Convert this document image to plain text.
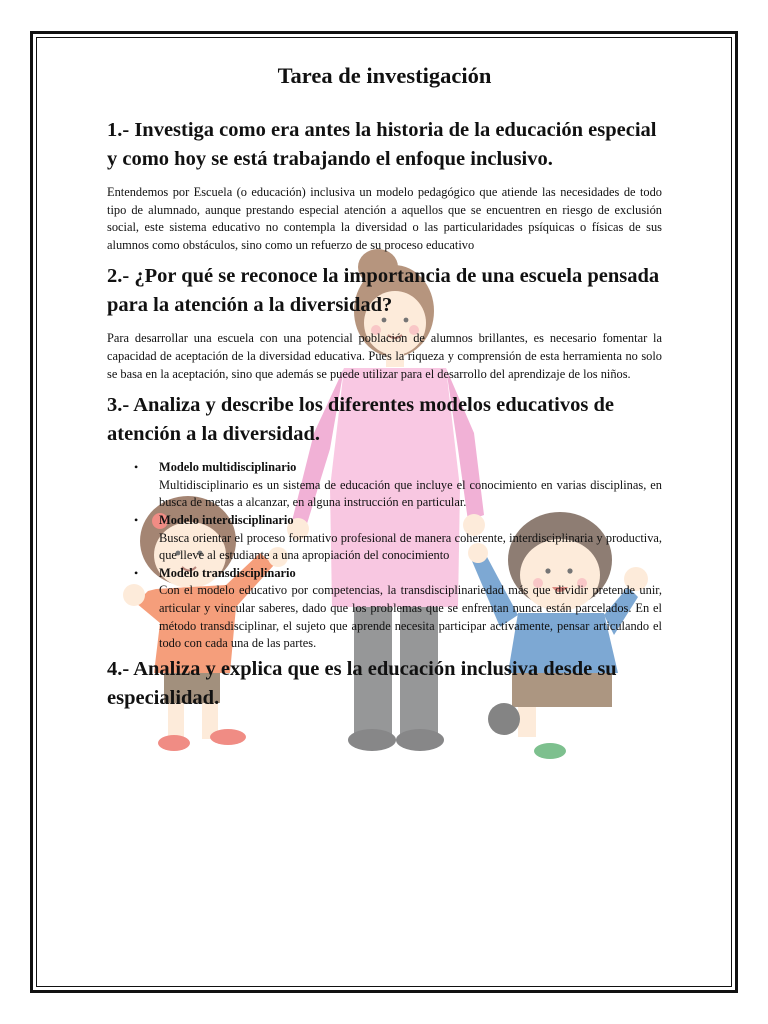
Tarea de investigación
1.- Investiga como era antes la historia de la educación especial y como hoy se está trabajando el enfoque inclusivo.

Entendemos por Escuela (o educación) inclusiva un modelo pedagógico que atiende las necesidades de todo tipo de alumnado, aunque prestando especial atención a aquellos que se encuentren en riesgo de exclusión social, este sistema educativo no contempla la diversidad o las particularidades psíquicas o físicas de sus alumnos como obstáculos, sino como un refuerzo de su proceso educativo

2.- ¿Por qué se reconoce la importancia de una escuela pensada para la atención a la diversidad?

Para desarrollar una escuela con una potencial población de alumnos brillantes, es necesario fomentar la capacidad de aceptación de la diversidad educativa. Pues la riqueza y comprensión de esta herramienta no solo se basa en la aceptación, sino que además se puede utilizar para el desarrollo del aprendizaje de los niños.

3.- Analiza y describe los diferentes modelos educativos de atención a la diversidad.
• Modelo multidisciplinario
Multidisciplinario es un sistema de educación que incluye el conocimiento en varias disciplinas, en busca de metas a alcanzar, en alguna instrucción en particular.
• Modelo interdisciplinario
Busca orientar el proceso formativo profesional de manera coherente, interdisciplinaria y productiva, que lleve al estudiante a una apropiación del conocimiento
• Modelo transdisciplinario
Con el modelo educativo por competencias, la transdisciplinariedad más que dividir pretende unir, articular y vincular saberes, dado que los problemas que se enfrentan nunca están parcelados. En el método transdisciplinar, el sujeto que aprende necesita participar activamente, pensar articulando el todo con cada una de las partes.
4.- Analiza y explica que es la educación inclusiva desde su especialidad.
